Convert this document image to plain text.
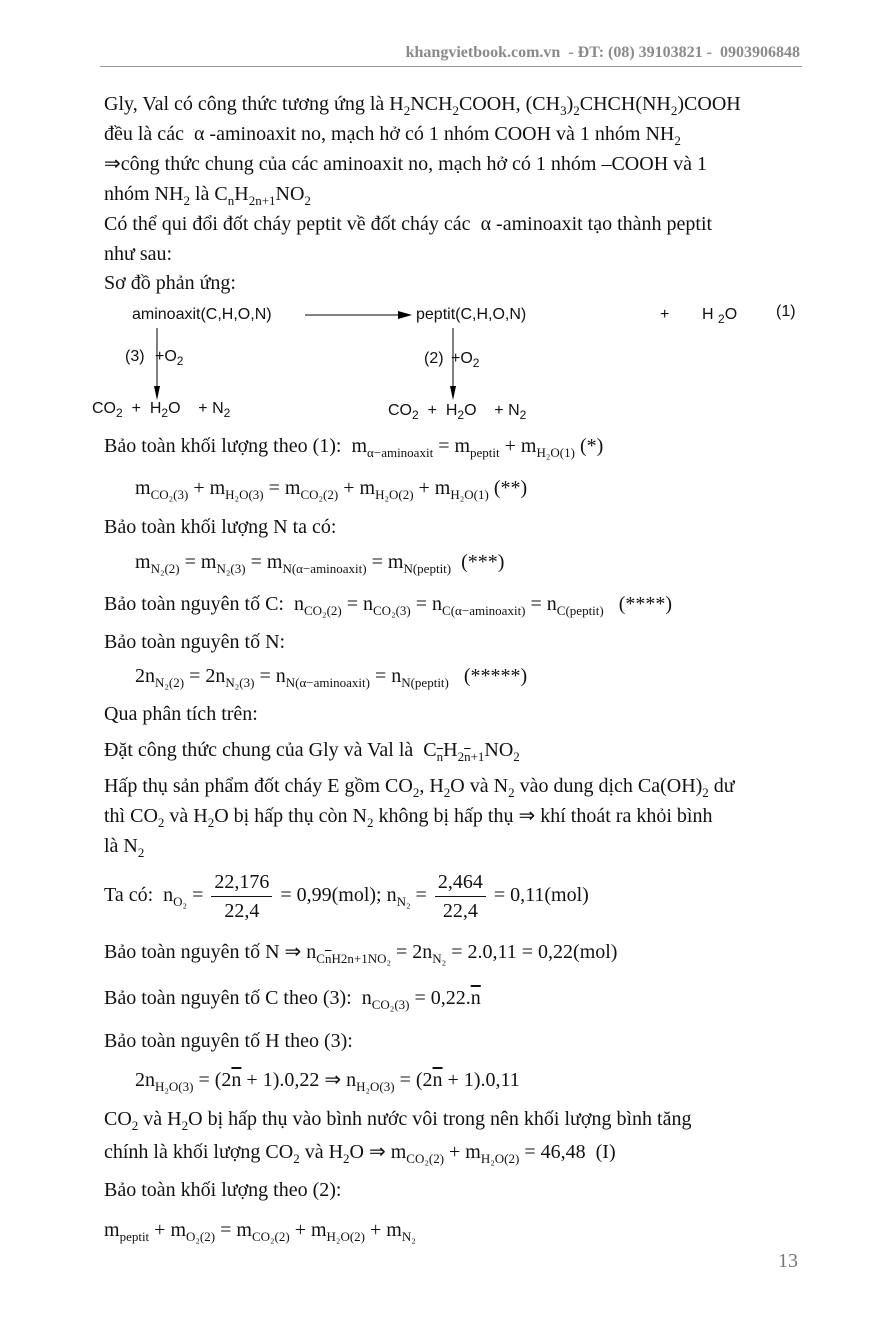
khangvietbook.com.vn  - ĐT: (08) 39103821 -  0903906848
Gly, Val có công thức tương ứng là $H_2NCH_2COOH$, $(CH_3)_2CHCH(NH_2)COOH$
đều là các  α -aminoaxit no, mạch hở có 1 nhóm COOH và 1 nhóm $NH_2$
⇒công thức chung của các aminoaxit no, mạch hở có 1 nhóm –COOH và 1
nhóm $NH_2$ là $C_nH_{2n+1}NO_2$
Có thể qui đổi đốt cháy peptit về đốt cháy các  α -aminoaxit tạo thành peptit
như sau:
Sơ đồ phản ứng:
aminoaxit(C,H,O,N)	peptit(C,H,O,N)	+ H $_2$O (1)
$(3) +O_2$	$(2) +O_2$
$CO_2 + H_2O$    + $N_2$	$CO_2 + H_2O$    + $N_2$
Bảo toàn khối lượng theo (1):  $m_{\alpha-aminoaxit} = m_{peptit} + m_{H_2O(1)}$ (*)
$m_{CO_2(3)} + m_{H_2O(3)} = m_{CO_2(2)} + m_{H_2O(2)} + m_{H_2O(1)}$ (**)
Bảo toàn khối lượng N ta có:
$m_{N_2(2)} = m_{N_2(3)} = m_{N(\alpha-aminoaxit)} = m_{N(peptit)}$  (***)
Bảo toàn nguyên tố C:  $n_{CO_2(2)} = n_{CO_2(3)} = n_{C(\alpha-aminoaxit)} = n_{C(peptit)}$   (****)
Bảo toàn nguyên tố N:
$2n_{N_2(2)} = 2n_{N_2(3)} = n_{N(\alpha-aminoaxit)} = n_{N(peptit)}$   (*****)
Qua phân tích trên:
Đặt công thức chung của Gly và Val là  $C_{\overline{n}}H_{2\overline{n}+1}NO_2$
Hấp thụ sản phẩm đốt cháy E gồm $CO_2$, $H_2O$ và $N_2$ vào dung dịch $Ca(OH)_2$ dư
thì $CO_2$ và $H_2O$ bị hấp thụ còn $N_2$ không bị hấp thụ ⇒ khí thoát ra khỏi bình
là $N_2$
Ta có:  $n_{O_2} = \frac{22,176}{22,4} = 0,99(mol)$; $n_{N_2} = \frac{2,464}{22,4} = 0,11(mol)$
Bảo toàn nguyên tố N ⇒ $n_{C\overline{n}H2n+1NO_2} = 2n_{N_2} = 2.0,11 = 0,22(mol)$
Bảo toàn nguyên tố C theo (3):  $n_{CO_2(3)} = 0,22.\overline{n}$
Bảo toàn nguyên tố H theo (3):
$2n_{H_2O(3)} = (2\overline{n} + 1).0,22$ ⇒ $n_{H_2O(3)} = (2\overline{n} + 1).0,11$
$CO_2$ và $H_2O$ bị hấp thụ vào bình nước vôi trong nên khối lượng bình tăng
chính là khối lượng $CO_2$ và $H_2O$ ⇒ $m_{CO_2(2)} + m_{H_2O(2)} = 46,48$  (I)
Bảo toàn khối lượng theo (2):
$m_{peptit} + m_{O_2(2)} = m_{CO_2(2)} + m_{H_2O(2)} + m_{N_2}$
13
